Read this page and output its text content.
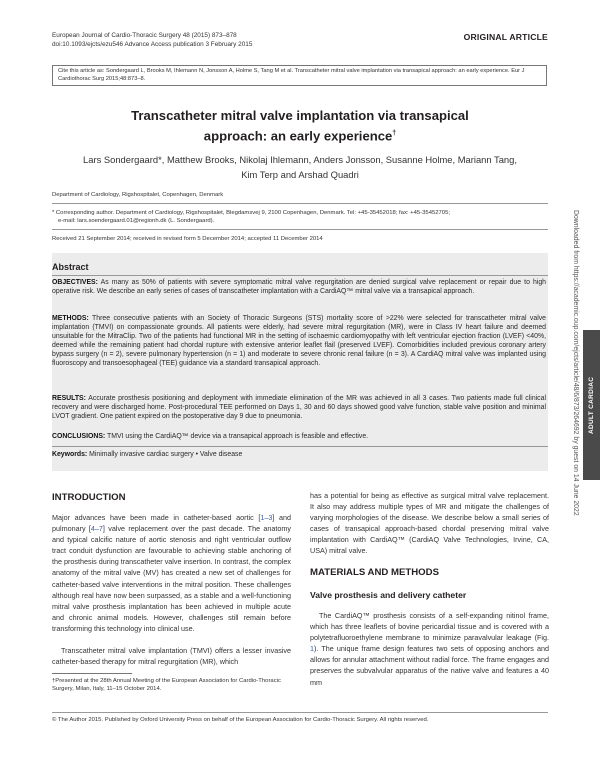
European Journal of Cardio-Thoracic Surgery 48 (2015) 873–878
doi:10.1093/ejcts/ezu546 Advance Access publication 3 February 2015
ORIGINAL ARTICLE
Cite this article as: Sondergaard L, Brooks M, Ihlemann N, Jonsson A, Holme S, Tang M et al. Transcatheter mitral valve implantation via transapical approach: an early experience. Eur J Cardiothorac Surg 2015;48:873–8.
Transcatheter mitral valve implantation via transapical
approach: an early experience†
Lars Sondergaard*, Matthew Brooks, Nikolaj Ihlemann, Anders Jonsson, Susanne Holme, Mariann Tang,
Kim Terp and Arshad Quadri
Department of Cardiology, Rigshospitalet, Copenhagen, Denmark
* Corresponding author. Department of Cardiology, Rigshospitalet, Blegdamsvej 9, 2100 Copenhagen, Denmark. Tel: +45-35452018; fax: +45-35452705;
e-mail: lars.soendergaard.01@regionh.dk (L. Sondergaard).
Received 21 September 2014; received in revised form 5 December 2014; accepted 11 December 2014
Abstract
OBJECTIVES: As many as 50% of patients with severe symptomatic mitral valve regurgitation are denied surgical valve replacement or repair due to high operative risk. We describe an early series of cases of transcatheter implantation with a CardiAQ™ mitral valve via a transapical approach.
METHODS: Three consecutive patients with an Society of Thoracic Surgeons (STS) mortality score of >22% were selected for transcatheter mitral valve implantation (TMVI) on compassionate grounds. All patients were elderly, had severe mitral regurgitation (MR), were in Class IV heart failure and deemed unsuitable for the MitraClip. Two of the patients had functional MR in the setting of ischaemic cardiomyopathy with left ventricular ejection fraction (LVEF) <40%, deemed while the remaining patient had chordal rupture with extensive anterior leaflet flail (preserved LVEF). Comorbidities included previous coronary artery bypass surgery (n = 2), severe pulmonary hypertension (n = 1) and moderate to severe chronic renal failure (n = 3). A CardiAQ mitral valve was implanted using fluoroscopy and transoesophageal (TEE) guidance via a standard transapical approach.
RESULTS: Accurate prosthesis positioning and deployment with immediate elimination of the MR was achieved in all 3 cases. Two patients made full clinical recovery and were discharged home. Post-procedural TEE performed on Days 1, 30 and 60 days showed good valve function, stable valve position and minimal LVOT gradient. One patient expired on the postoperative day 9 due to pneumonia.
CONCLUSIONS: TMVI using the CardiAQ™ device via a transapical approach is feasible and effective.
Keywords: Minimally invasive cardiac surgery • Valve disease
INTRODUCTION
Major advances have been made in catheter-based aortic [1–3] and pulmonary [4–7] valve replacement over the past decade. The anatomy and typical calcific nature of aortic stenosis and right ventricular outflow tract conduit dysfunction are favourable to achieving stable anchoring of the prosthesis during transcatheter valve insertion. In contrast, the complex anatomy of the mitral valve (MV) has created a new set of challenges for catheter-based valve interventions in the mitral position. These challenges although real have now been surpassed, as a stable and a well-functioning mitral valve prosthesis implantation has been achieved in multiple acute and chronic animal models. However, challenges still remain before transforming this technology into clinical use.
Transcatheter mitral valve implantation (TMVI) offers a lesser invasive catheter-based therapy for mitral regurgitation (MR), which
†Presented at the 28th Annual Meeting of the European Association for Cardio-Thoracic Surgery, Milan, Italy, 11–15 October 2014.
has a potential for being as effective as surgical mitral valve replacement. It also may address multiple types of MR and mitigate the challenges of varying morphologies of the disease. We describe below a small series of cases of transapical approach-based chordal preserving mitral valve implantation with CardiAQ™ (CardiAQ Valve Technologies, Irvine, CA, USA) mitral valve.
MATERIALS AND METHODS
Valve prosthesis and delivery catheter
The CardiAQ™ prosthesis consists of a self-expanding nitinol frame, which has three leaflets of bovine pericardial tissue and is covered with a polytetrafluoroethylene membrane to minimize paravalvular leakage (Fig. 1). The unique frame design features two sets of opposing anchors and allows for annular attachment without radial force. The frame engages and preserves the subvalvular apparatus of the native valve and features a 40 mm
Downloaded from https://academic.oup.com/ejcts/article/48/6/873/264692 by guest on 14 June 2022	ADULT CARDIAC
© The Author 2015. Published by Oxford University Press on behalf of the European Association for Cardio-Thoracic Surgery. All rights reserved.
